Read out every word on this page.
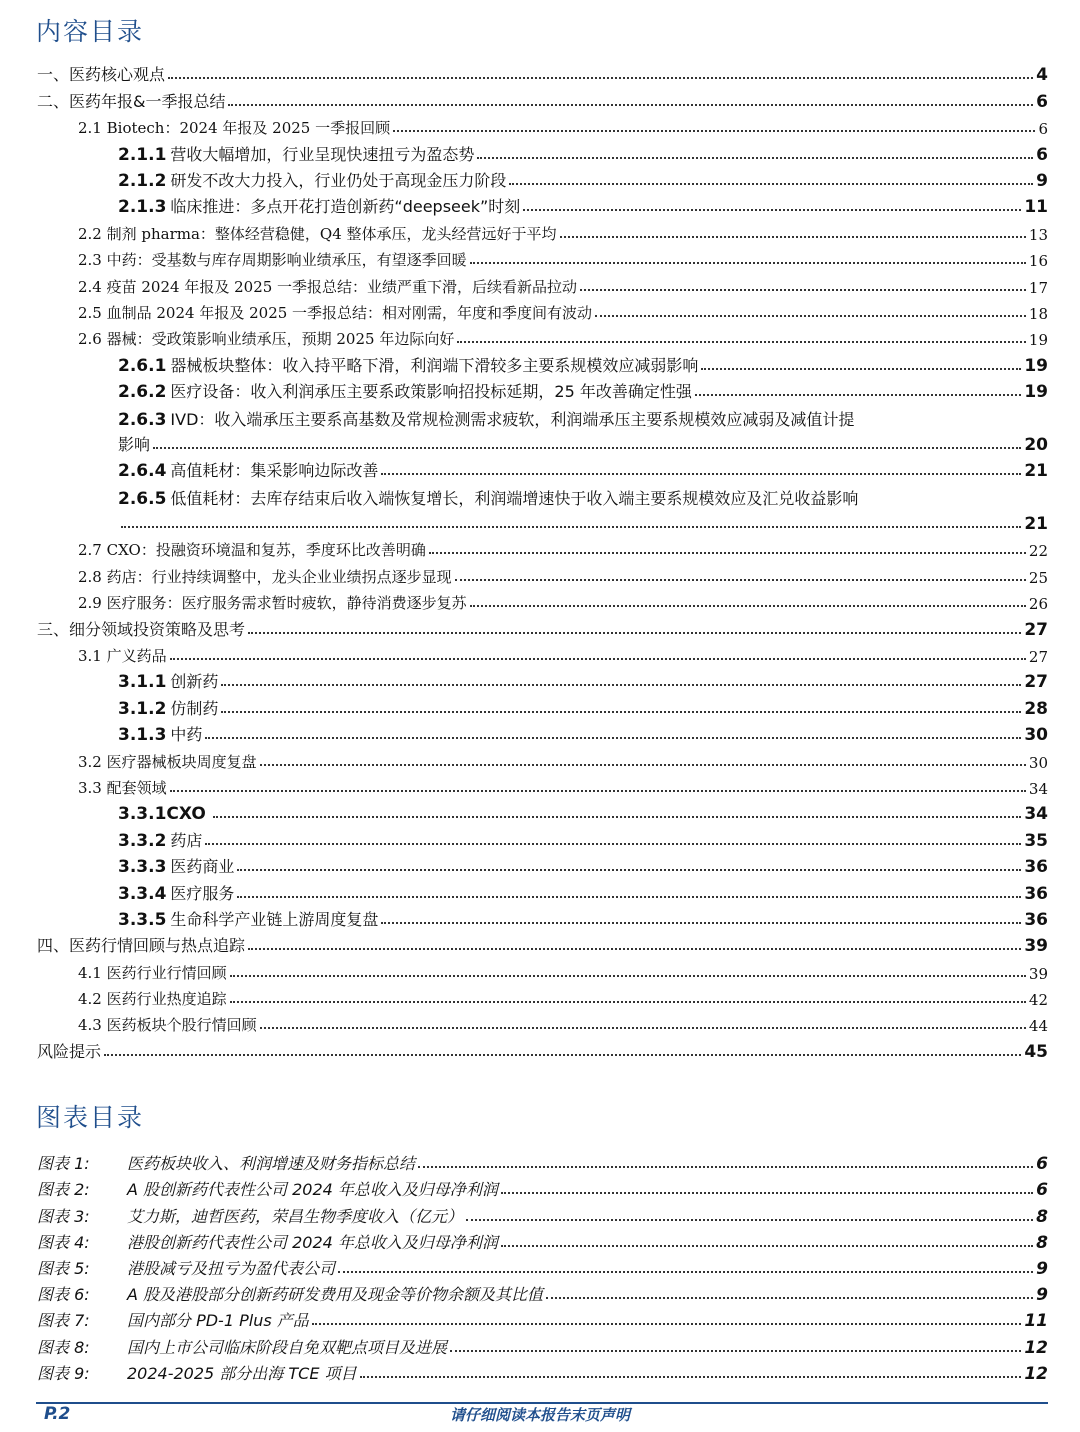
内容目录
一、医药核心观点	4
二、医药年报&一季报总结	6
2.1 Biotech：2024 年报及 2025 一季报回顾	6
2.1.1 营收大幅增加，行业呈现快速扭亏为盈态势	6
2.1.2 研发不改大力投入，行业仍处于高现金压力阶段	9
2.1.3 临床推进：多点开花打造创新药“deepseek”时刻	11
2.2 制剂 pharma：整体经营稳健，Q4 整体承压，龙头经营远好于平均	13
2.3 中药：受基数与库存周期影响业绩承压，有望逐季回暖	16
2.4 疫苗 2024 年报及 2025 一季报总结：业绩严重下滑，后续看新品拉动	17
2.5 血制品 2024 年报及 2025 一季报总结：相对刚需，年度和季度间有波动	18
2.6 器械：受政策影响业绩承压，预期 2025 年边际向好	19
2.6.1 器械板块整体：收入持平略下滑，利润端下滑较多主要系规模效应减弱影响	19
2.6.2 医疗设备：收入利润承压主要系政策影响招投标延期，25 年改善确定性强	19
2.6.3 IVD：收入端承压主要系高基数及常规检测需求疲软，利润端承压主要系规模效应减弱及减值计提
影响	20
2.6.4 高值耗材：集采影响边际改善	21
2.6.5 低值耗材：去库存结束后收入端恢复增长，利润端增速快于收入端主要系规模效应及汇兑收益影响
21
2.7 CXO：投融资环境温和复苏，季度环比改善明确	22
2.8 药店：行业持续调整中，龙头企业业绩拐点逐步显现	25
2.9 医疗服务：医疗服务需求暂时疲软，静待消费逐步复苏	26
三、细分领域投资策略及思考	27
3.1 广义药品	27
3.1.1 创新药	27
3.1.2 仿制药	28
3.1.3 中药	30
3.2 医疗器械板块周度复盘	30
3.3 配套领域	34
3.3.1CXO	34
3.3.2 药店	35
3.3.3 医药商业	36
3.3.4 医疗服务	36
3.3.5 生命科学产业链上游周度复盘	36
四、医药行情回顾与热点追踪	39
4.1 医药行业行情回顾	39
4.2 医药行业热度追踪	42
4.3 医药板块个股行情回顾	44
风险提示	45
图表目录
图表 1: 医药板块收入、利润增速及财务指标总结	6
图表 2: A 股创新药代表性公司 2024 年总收入及归母净利润	6
图表 3: 艾力斯，迪哲医药，荣昌生物季度收入（亿元）	8
图表 4: 港股创新药代表性公司 2024 年总收入及归母净利润	8
图表 5: 港股减亏及扭亏为盈代表公司	9
图表 6: A 股及港股部分创新药研发费用及现金等价物余额及其比值	9
图表 7: 国内部分 PD-1 Plus 产品	11
图表 8: 国内上市公司临床阶段自免双靶点项目及进展	12
图表 9: 2024-2025 部分出海 TCE 项目	12
P.2	请仔细阅读本报告末页声明
